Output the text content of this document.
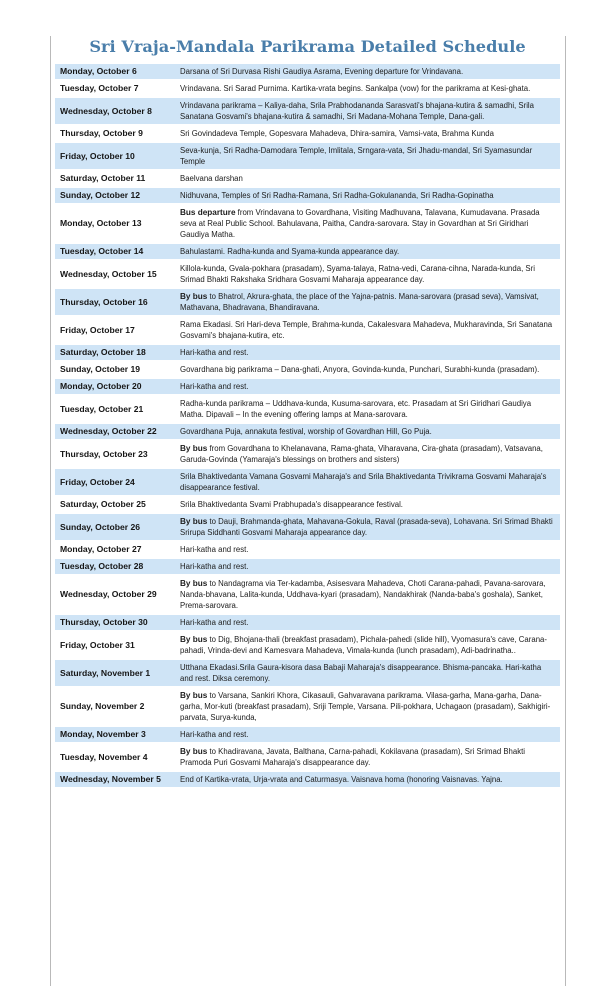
Sri Vraja-Mandala Parikrama Detailed Schedule
Monday, October 6	Darsana of Sri Durvasa Rishi Gaudiya Asrama, Evening departure for Vrindavana.
Tuesday, October 7	Vrindavana. Sri Sarad Purnima. Kartika-vrata begins. Sankalpa (vow) for the parikrama at Kesi-ghata.
Wednesday, October 8	Vrindavana parikrama – Kaliya-daha, Srila Prabhodananda Sarasvati's bhajana-kutira & samadhi, Srila Sanatana Gosvami's bhajana-kutira & samadhi, Sri Madana-Mohana Temple, Dana-gali.
Thursday, October 9	Sri Govindadeva Temple, Gopesvara Mahadeva, Dhira-samira, Vamsi-vata, Brahma Kunda
Friday, October 10	Seva-kunja, Sri Radha-Damodara Temple, Imlitala, Srngara-vata, Sri Jhadu-mandal, Sri Syamasundar Temple
Saturday, October 11	Baelvana darshan
Sunday, October 12	Nidhuvana, Temples of Sri Radha-Ramana, Sri Radha-Gokulananda, Sri Radha-Gopinatha
Monday, October 13	Bus departure from Vrindavana to Govardhana, Visiting Madhuvana, Talavana, Kumudavana. Prasada seva at Real Public School. Bahulavana, Paitha, Candra-sarovara. Stay in Govardhan at Sri Giridhari Gaudiya Matha.
Tuesday, October 14	Bahulastami. Radha-kunda and Syama-kunda appearance day.
Wednesday, October 15	Killola-kunda, Gvala-pokhara (prasadam), Syama-talaya, Ratna-vedi, Carana-cihna, Narada-kunda, Sri Srimad Bhakti Rakshaka Sridhara Gosvami Maharaja appearance day.
Thursday, October 16	By bus to Bhatrol, Akrura-ghata, the place of the Yajna-patnis. Mana-sarovara (prasad seva), Vamsivat, Mathavana, Bhadravana, Bhandiravana.
Friday, October 17	Rama Ekadasi. Sri Hari-deva Temple, Brahma-kunda, Cakalesvara Mahadeva, Mukharavinda, Sri Sanatana Gosvami's bhajana-kutira, etc.
Saturday, October 18	Hari-katha and rest.
Sunday, October 19	Govardhana big parikrama – Dana-ghati, Anyora, Govinda-kunda, Punchari, Surabhi-kunda (prasadam).
Monday, October 20	Hari-katha and rest.
Tuesday, October 21	Radha-kunda parikrama – Uddhava-kunda, Kusuma-sarovara, etc. Prasadam at Sri Giridhari Gaudiya Matha. Dipavali – In the evening offering lamps at Mana-sarovara.
Wednesday, October 22	Govardhana Puja, annakuta festival, worship of Govardhan Hill, Go Puja.
Thursday, October 23	By bus from Govardhana to Khelanavana, Rama-ghata, Viharavana, Cira-ghata (prasadam), Vatsavana, Garuda-Govinda (Yamaraja's blessings on brothers and sisters)
Friday, October 24	Srila Bhaktivedanta Vamana Gosvami Maharaja's and Srila Bhaktivedanta Trivikrama Gosvami Maharaja's disappearance festival.
Saturday, October 25	Srila Bhaktivedanta Svami Prabhupada's disappearance festival.
Sunday, October 26	By bus to Dauji, Brahmanda-ghata, Mahavana-Gokula, Raval (prasada-seva), Lohavana. Sri Srimad Bhakti Srirupa Siddhanti Gosvami Maharaja appearance day.
Monday, October 27	Hari-katha and rest.
Tuesday, October 28	Hari-katha and rest.
Wednesday, October 29	By bus to Nandagrama via Ter-kadamba, Asisesvara Mahadeva, Choti Carana-pahadi, Pavana-sarovara, Nanda-bhavana, Lalita-kunda, Uddhava-kyari (prasadam), Nandakhirak (Nanda-baba's goshala), Sanket, Prema-sarovara.
Thursday, October 30	Hari-katha and rest.
Friday, October 31	By bus to Dig, Bhojana-thali (breakfast prasadam), Pichala-pahedi (slide hill), Vyomasura's cave, Carana-pahadi, Vrinda-devi and Kamesvara Mahadeva, Vimala-kunda (lunch prasadam), Adi-badrinatha..
Saturday, November 1	Utthana Ekadasi.Srila Gaura-kisora dasa Babaji Maharaja's disappearance. Bhisma-pancaka. Hari-katha and rest. Diksa ceremony.
Sunday, November 2	By bus to Varsana, Sankiri Khora, Cikasauli, Gahvaravana parikrama. Vilasa-garha, Mana-garha, Dana-garha, Mor-kuti (breakfast prasadam), Sriji Temple, Varsana. Pili-pokhara, Uchagaon (prasadam), Sakhigiri-parvata, Surya-kunda,
Monday, November 3	Hari-katha and rest.
Tuesday, November 4	By bus to Khadiravana, Javata, Balthana, Carna-pahadi, Kokilavana (prasadam), Sri Srimad Bhakti Pramoda Puri Gosvami Maharaja's disappearance day.
Wednesday, November 5	End of Kartika-vrata, Urja-vrata and Caturmasya. Vaisnava homa (honoring Vaisnavas. Yajna.
